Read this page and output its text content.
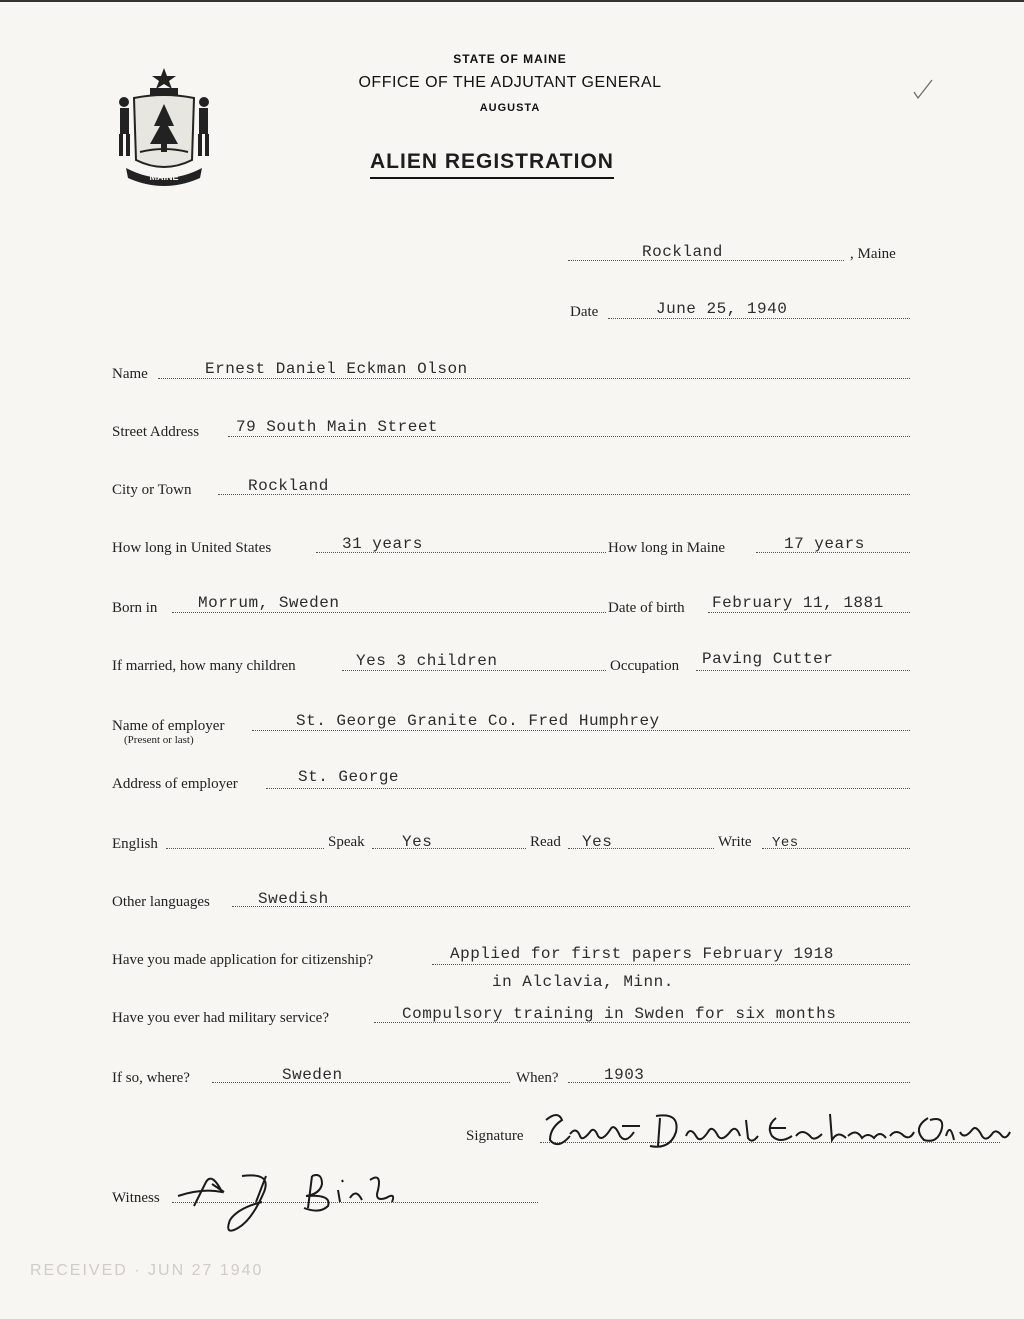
MAINE
STATE OF MAINE
OFFICE OF THE ADJUTANT GENERAL
AUGUSTA
ALIEN REGISTRATION
Rockland	, Maine
Date	June 25, 1940
Name	Ernest Daniel Eckman Olson
Street Address 79 South Main Street
City or Town	Rockland
How long in United States	31 years	How long in Maine	17 years
Born in	Morrum, Sweden	Date of birth February 11, 1881
If married, how many children	Yes 3 children	Occupation Paving Cutter
Name of employer
(Present or last)
St. George Granite Co. Fred Humphrey
Address of employer	St. George
English	Speak Yes	Read Yes	Write Yes
Other languages	Swedish
Have you made application for citizenship?	Applied for first papers February 1918
in Alclavia, Minn.
Have you ever had military service?	Compulsory training in Swden for six months
If so, where?	Sweden	When?	1903
Signature
Witness
RECEIVED · JUN 27 1940
